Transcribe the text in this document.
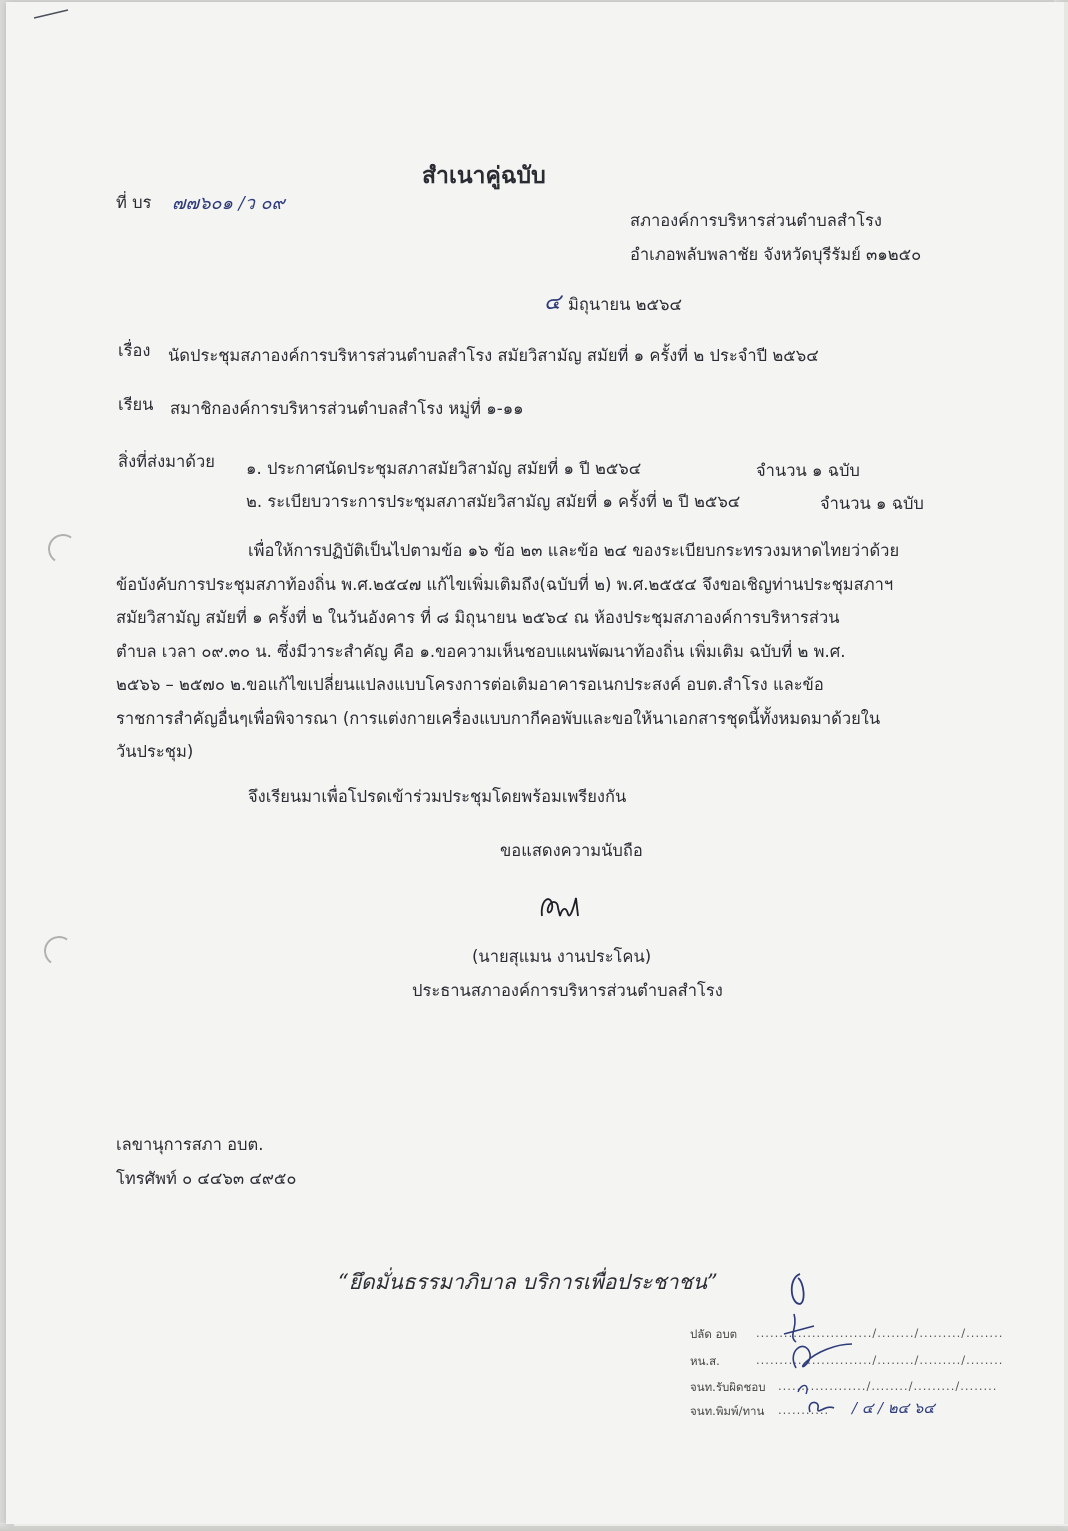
สำเนาคู่ฉบับ
ที่ บร ๗๗๖๐๑ /ว ๐๙
สภาองค์การบริหารส่วนตำบลสำโรง
อำเภอพลับพลาชัย จังหวัดบุรีรัมย์ ๓๑๒๕๐
๔ มิถุนายน ๒๕๖๔
เรื่อง นัดประชุมสภาองค์การบริหารส่วนตำบลสำโรง สมัยวิสามัญ สมัยที่ ๑ ครั้งที่ ๒ ประจำปี ๒๕๖๔
เรียน สมาชิกองค์การบริหารส่วนตำบลสำโรง หมู่ที่ ๑-๑๑
สิ่งที่ส่งมาด้วย ๑. ประกาศนัดประชุมสภาสมัยวิสามัญ สมัยที่ ๑ ปี ๒๕๖๔	จำนวน ๑ ฉบับ
๒. ระเบียบวาระการประชุมสภาสมัยวิสามัญ สมัยที่ ๑ ครั้งที่ ๒ ปี ๒๕๖๔	จำนวน ๑ ฉบับ
เพื่อให้การปฏิบัติเป็นไปตามข้อ ๑๖ ข้อ ๒๓ และข้อ ๒๔ ของระเบียบกระทรวงมหาดไทยว่าด้วย
ข้อบังคับการประชุมสภาท้องถิ่น พ.ศ.๒๕๔๗ แก้ไขเพิ่มเติมถึง(ฉบับที่ ๒) พ.ศ.๒๕๕๔ จึงขอเชิญท่านประชุมสภาฯ
สมัยวิสามัญ สมัยที่ ๑ ครั้งที่ ๒ ในวันอังคาร ที่ ๘ มิถุนายน ๒๕๖๔ ณ ห้องประชุมสภาองค์การบริหารส่วน
ตำบล เวลา ๐๙.๓๐ น. ซึ่งมีวาระสำคัญ คือ ๑.ขอความเห็นชอบแผนพัฒนาท้องถิ่น เพิ่มเติม ฉบับที่ ๒ พ.ศ.
๒๕๖๖ – ๒๕๗๐ ๒.ขอแก้ไขเปลี่ยนแปลงแบบโครงการต่อเติมอาคารอเนกประสงค์ อบต.สำโรง และข้อ
ราชการสำคัญอื่นๆเพื่อพิจารณา (การแต่งกายเครื่องแบบกากีคอพับและขอให้นาเอกสารชุดนี้ทั้งหมดมาด้วยใน
วันประชุม)
จึงเรียนมาเพื่อโปรดเข้าร่วมประชุมโดยพร้อมเพรียงกัน
ขอแสดงความนับถือ
(นายสุแมน งานประโคน)
ประธานสภาองค์การบริหารส่วนตำบลสำโรง
เลขานุการสภา อบต.
โทรศัพท์ ๐ ๔๔๖๓ ๔๙๕๐
“ยึดมั่นธรรมาภิบาล บริการเพื่อประชาชน”
ปลัด อบต ........................./......../........./........
หน.ส.	........................./......../........./........
จนท.รับผิดชอบ .................../......../........./........
จนท.พิมพ์/ทาน ........... / ๔ / ๒๔ ๖๔
